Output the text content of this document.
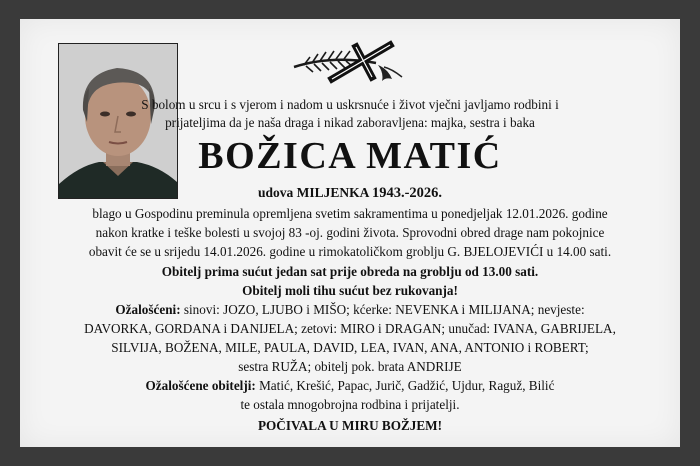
S bolom u srcu i s vjerom i nadom u uskrsnuće i život vječni javljamo rodbini i
prijateljima da je naša draga i nikad zaboravljena: majka, sestra i baka
BOŽICA MATIĆ
udova MILJENKA 1943.-2026.
blago u Gospodinu preminula opremljena svetim sakramentima u ponedjeljak 12.01.2026. godine
nakon kratke i teške bolesti u svojoj 83 -oj. godini života. Sprovodni obred drage nam pokojnice
obavit će se u srijedu 14.01.2026. godine u rimokatoličkom groblju G. BJELOJEVIĆI u 14.00 sati.
Obitelj prima sućut jedan sat prije obreda na groblju od 13.00 sati.
Obitelj moli tihu sućut bez rukovanja!
Ožalošćeni: sinovi: JOZO, LJUBO i MIŠO; kćerke: NEVENKA i MILIJANA; nevjeste:
DAVORKA, GORDANA i DANIJELA; zetovi: MIRO i DRAGAN; unučad: IVANA, GABRIJELA,
SILVIJA, BOŽENA, MILE, PAULA, DAVID, LEA, IVAN, ANA, ANTONIO i ROBERT;
sestra RUŽA; obitelj pok. brata ANDRIJE
Ožalošćene obitelji: Matić, Krešić, Papac, Jurič, Gadžić, Ujdur, Raguž, Bilić
te ostala mnogobrojna rodbina i prijatelji.
POČIVALA U MIRU BOŽJEM!
